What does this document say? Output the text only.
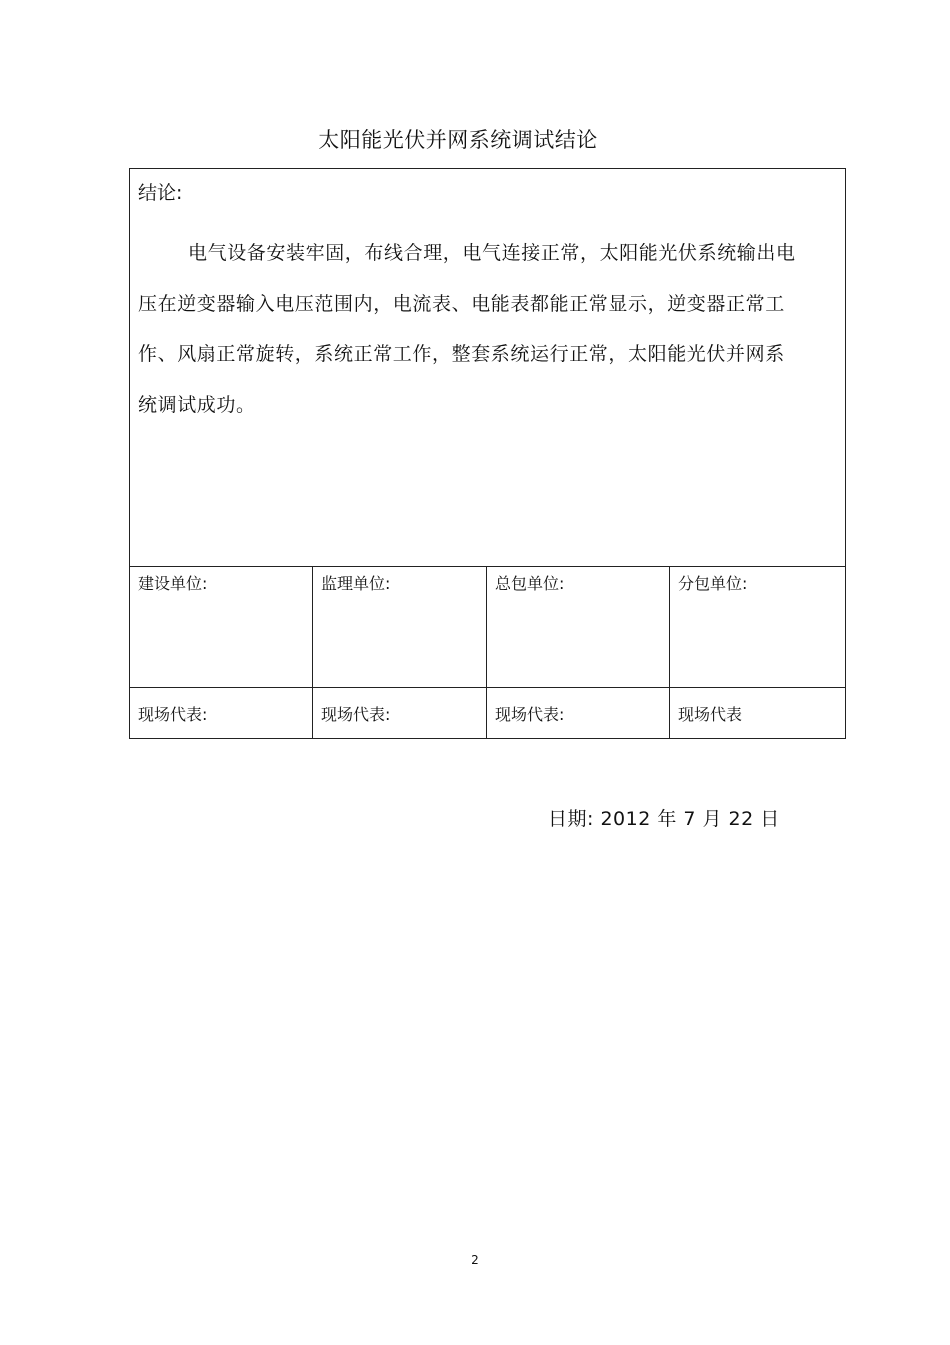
太阳能光伏并网系统调试结论
结论:
电气设备安装牢固，布线合理，电气连接正常，太阳能光伏系统输出电压在逆变器输入电压范围内，电流表、电能表都能正常显示，逆变器正常工作、风扇正常旋转，系统正常工作，整套系统运行正常，太阳能光伏并网系统调试成功。			

建设单位:	监理单位:	总包单位:	分包单位:

现场代表:	现场代表:	现场代表:	现场代表
日期: 2012 年 7 月 22 日
2
